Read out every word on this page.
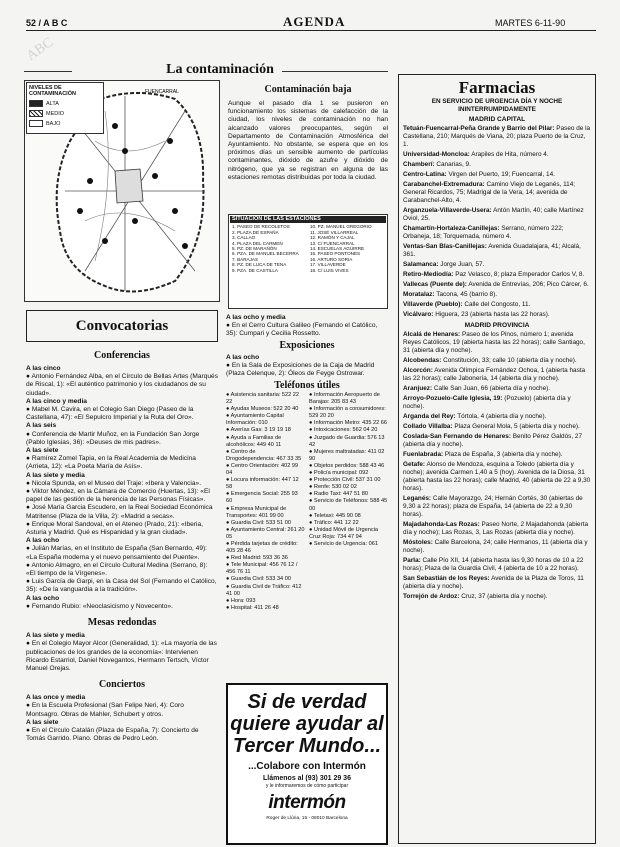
52 / A B C	AGENDA	MARTES 6-11-90
ABC
La contaminación
FUENCARRAL
NIVELES DE CONTAMINACIÓN
ALTA
MEDIO
BAJO
Contaminación baja
Aunque el pasado día 1 se pusieron en funcionamiento los sistemas de calefacción de la ciudad, los niveles de contaminación no han alcanzado valores preocupantes, según el Departamento de Contaminación Atmosférica del Ayuntamiento. No obstante, se espera que en los próximos días un sensible aumento de partículas contaminantes, dióxido de azufre y dióxido de nitrógeno, que ya se registran en alguna de las estaciones remotas distribuidas por toda la ciudad.
SITUACIÓN DE LAS ESTACIONES

1. PASEO DE RECOLETOS

2. PLAZA DE ESPAÑA

3. CALLAO

4. PLAZA DEL CARMEN

5. PZ. DE MARAÑÓN

6. PZA. DE MANUEL BECERRA

7. BARAJAS

8. PZ. DE LUCA DE TENA

9. PZA. DE CASTILLA

10. PZ. MANUEL GREGORIO

11. JOSÉ VILLARREAL

12. RAMÓN Y CAJAL

13. C/ FUENCARRAL

14. ESCUELAS AGUIRRE

15. PASEO PONTONES

16. ARTURO SORIA

17. VILLAVERDE

18. C/ LUIS VIVES

Convocatorias
Conferencias

A las cinco

● Antonio Fernández Alba, en el Círculo de Bellas Artes (Marqués de Riscal, 1): «El auténtico patrimonio y los ciudadanos de su ciudad».

A las cinco y media

● Mabel M. Cavira, en el Colegio San Diego (Paseo de la Castellana, 47): «El Sepulcro Imperial y la Ruta del Oro».

A las seis

● Conferencia de Martir Muñoz, en la Fundación San Jorge (Pablo Iglesias, 36): «Deuses de mis padres».

A las siete

● Ramírez Zomel Tapia, en la Real Academia de Medicina (Arrieta, 12): «La Poeta María de Asís».

A las siete y media

● Nicola Spunda, en el Museo del Traje: «Ibera y Valencia».

● Viktor Méndez, en la Cámara de Comercio (Huertas, 13): «El papel de las gestión de la herencia de las Personas Físicas».

● José María Garcia Escudero, en la Real Sociedad Económica Matritense (Plaza de la Villa, 2): «Madrid a secas».

● Enrique Moral Sandoval, en el Ateneo (Prado, 21): «Iberia, Asturia y Madrid. Qué es Hispanidad y la gran ciudad».

A las ocho

● Julián Marías, en el Instituto de España (San Bernardo, 49): «La España moderna y el nuevo pensamiento del Puente».

● Antonio Almagro, en el Círculo Cultural Medina (Serrano, 8): «El tiempo de la Vírgenes».

● Luis García de Garpi, en la Casa del Sol (Fernando el Católico, 35): «De la vanguardia a la tradición».

A las ocho

● Fernando Rubio: «Neoclasicismo y Novecento».

Mesas redondas

A las siete y media

● En el Colegio Mayor Alcor (Generalidad, 1): «La mayoría de las publicaciones de los grandes de la economía»: Intervienen Ricardo Estarriol, Daniel Novegantos, Hermann Tertsch, Víctor Manuel Orejas.

Conciertos

A las once y media

● En la Escuela Profesional (San Felipe Neri, 4): Coro Montsagro. Obras de Mahler, Schubert y otros.

A las siete

● En el Círculo Catalán (Plaza de España, 7): Concierto de Tomás Garrido. Piano. Obras de Pedro León.

A las ocho y media

● En el Cerro Cultura Galileo (Fernando el Católico, 35): Cumpari y Cecilia Rossetto.

Exposiciones

A las ocho

● En la Sala de Exposiciones de la Caja de Madrid (Plaza Celenque, 2): Óleos de Feyge Ostrowar.

Teléfonos útiles

● Asistencia sanitaria: 522 22 22

● Ayudas Museos: 522 20 40

● Ayuntamiento Capital Información: 010

● Averías Gas: 3 19 19 18

● Ayuda a Familias de alcohólicos: 449 40 11

● Centro de Drogodependencia: 467 33 35

● Centro Orientación: 402 99 04

● Locura información: 447 12 58

● Emergencia Social: 255 93 60

● Empresa Municipal de Transportes: 401 99 00

● Guardia Civil: 533 51 00

● Ayuntamiento Central: 261 20 05

● Pérdida tarjetas de crédito: 405 28 46

● Red Madrid: 593 36 36

● Tele Municipal: 456 76 12 / 456 76 11

● Guardia Civil: 533 34 00

● Guardia Civil de Tráfico: 412 41 00

● Hora: 093

● Hospital: 411 26 48

● Información Aeropuerto de Barajas: 205 83 43

● Información a consumidores: 529 20 20

● Información Metro: 435 22 66

● Intoxicaciones: 562 04 20

● Juzgado de Guardia: 576 13 42

● Mujeres maltratadas: 411 02 90

● Objetos perdidos: 588 43 46

● Policía municipal: 092

● Protección Civil: 537 31 00

● Renfe: 530 02 02

● Radio Taxi: 447 51 80

● Servicio de Teléfonos: 588 45 00

● Teletaxi: 445 90 08

● Tráfico: 441 12 22

● Unidad Móvil de Urgencia Cruz Roja: 734 47 94

● Servicio de Urgencia: 061

Si de verdad quiere ayudar al Tercer Mundo...
...Colabore con Intermón
Llámenos al (93) 301 29 36
y le informaremos de cómo participar
intermón
Roger de Llúria, 15 - 08010 Barcelona
Farmacias
EN SERVICIO DE URGENCIA DÍA Y NOCHE ININTERRUMPIDAMENTE
MADRID CAPITAL

Tetuán-Fuencarral-Peña Grande y Barrio del Pilar: Paseo de la Castellana, 210; Marqués de Viana, 20; plaza Puerto de la Cruz, 1.

Universidad-Moncloa: Arapiles de Hita, número 4.

Chamberí: Canarias, 9.

Centro-Latina: Virgen del Puerto, 19; Fuencarral, 14.

Carabanchel-Extremadura: Camino Viejo de Leganés, 114; General Ricardos, 75; Madrigal de la Vera, 14; avenida de Carabanchel-Alto, 4.

Arganzuela-Villaverde-Usera: Antón Martín, 40; calle Martínez Oviol, 25.

Chamartín-Hortaleza-Canillejas: Serrano, número 222; Orbaneja, 18; Torquemada, número 4.

Ventas-San Blas-Canillejas: Avenida Guadalajara, 41; Alcalá, 361.

Salamanca: Jorge Juan, 57.

Retiro-Mediodía: Paz Velasco, 8; plaza Emperador Carlos V, 8.

Vallecas (Puente de): Avenida de Entrevías, 206; Pico Cárcer, 6.

Moratalaz: Tacona, 45 (barrio 8).

Villaverde (Pueblo): Calle del Congosto, 11.

Vicálvaro: Higuera, 23 (abierta hasta las 22 horas).

MADRID PROVINCIA

Alcalá de Henares: Paseo de los Pinos, número 1; avenida Reyes Católicos, 19 (abierta hasta las 22 horas); calle Santiago, 31 (abierta día y noche).

Alcobendas: Constitución, 33; calle 10 (abierta día y noche).

Alcorcón: Avenida Olímpica Fernández Ochoa, 1 (abierta hasta las 22 horas); calle Jabonería, 14 (abierta día y noche).

Aranjuez: Calle San Juan, 66 (abierta día y noche).

Arroyo-Pozuelo-Calle Iglesia, 19: (Pozuelo) (abierta día y noche).

Arganda del Rey: Tórtola, 4 (abierta día y noche).

Collado Villalba: Plaza General Mola, 5 (abierta día y noche).

Coslada-San Fernando de Henares: Benito Pérez Galdós, 27 (abierta día y noche).

Fuenlabrada: Plaza de España, 3 (abierta día y noche).

Getafe: Alonso de Mendoza, esquina a Toledo (abierta día y noche); avenida Carmen 1,40 a 5 (hoy). Avenida de la Diosa, 31 (abierta hasta las 22 horas); calle Madrid, 40 (abierta de 22 a 9,30 horas).

Leganés: Calle Mayorazgo, 24; Hernán Cortés, 30 (abiertas de 9,30 a 22 horas); plaza de España, 14 (abierta de 22 a 9,30 horas).

Majadahonda-Las Rozas: Paseo Norte, 2 Majadahonda (abierta día y noche); Las Rozas, 3, Las Rozas (abierta día y noche).

Móstoles: Calle Barcelona, 24; calle Hermanos, 11 (abierta día y noche).

Parla: Calle Pío XII, 14 (abierta hasta las 9,30 horas de 10 a 22 horas); Plaza de la Guardia Civil, 4 (abierta de 10 a 22 horas).

San Sebastián de los Reyes: Avenida de la Plaza de Toros, 11 (abierta día y noche).

Torrejón de Ardoz: Cruz, 37 (abierta día y noche).
